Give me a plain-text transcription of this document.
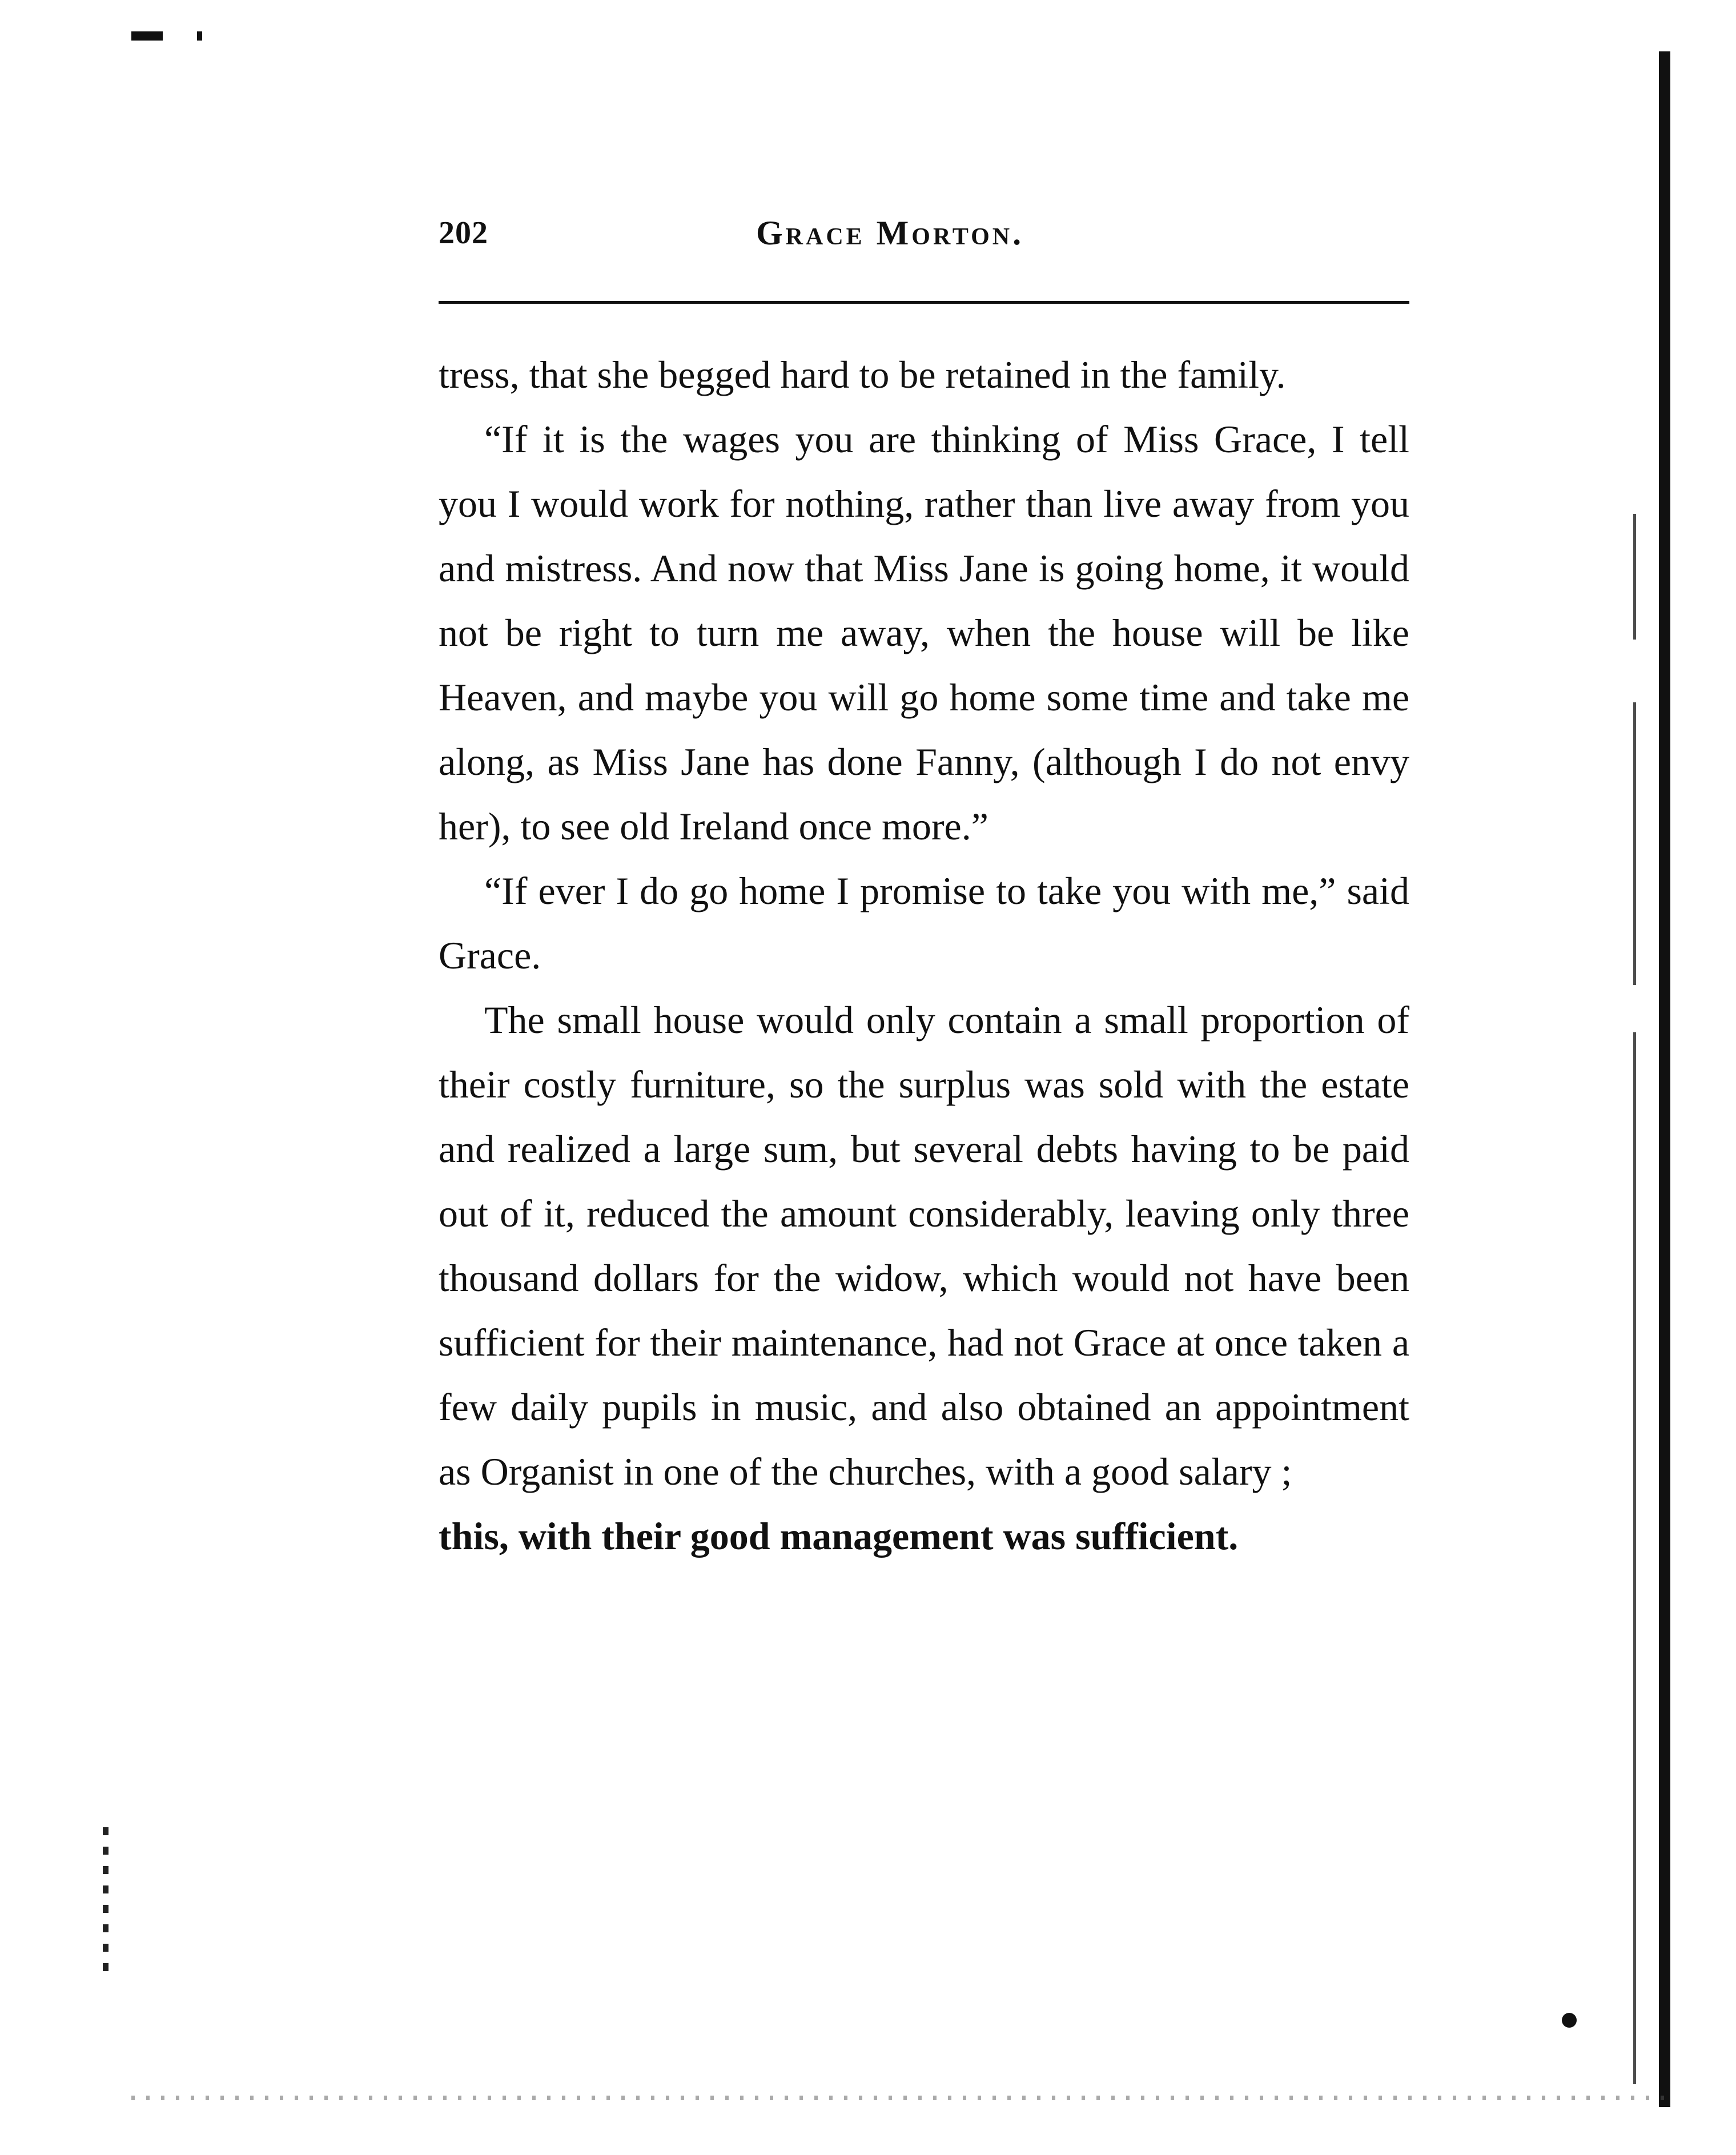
202	Grace Morton.

tress, that she begged hard to be retained in the family.

“If it is the wages you are thinking of Miss Grace, I tell you I would work for nothing, rather than live away from you and mistress. And now that Miss Jane is going home, it would not be right to turn me away, when the house will be like Heaven, and maybe you will go home some time and take me along, as Miss Jane has done Fanny, (although I do not envy her), to see old Ireland once more.”

“If ever I do go home I promise to take you with me,” said Grace.

The small house would only contain a small proportion of their costly furniture, so the surplus was sold with the estate and realized a large sum, but several debts having to be paid out of it, reduced the amount considerably, leaving only three thousand dollars for the widow, which would not have been sufficient for their maintenance, had not Grace at once taken a few daily pupils in music, and also obtained an appointment as Organist in one of the churches, with a good salary ;

this, with their good management was sufficient.
